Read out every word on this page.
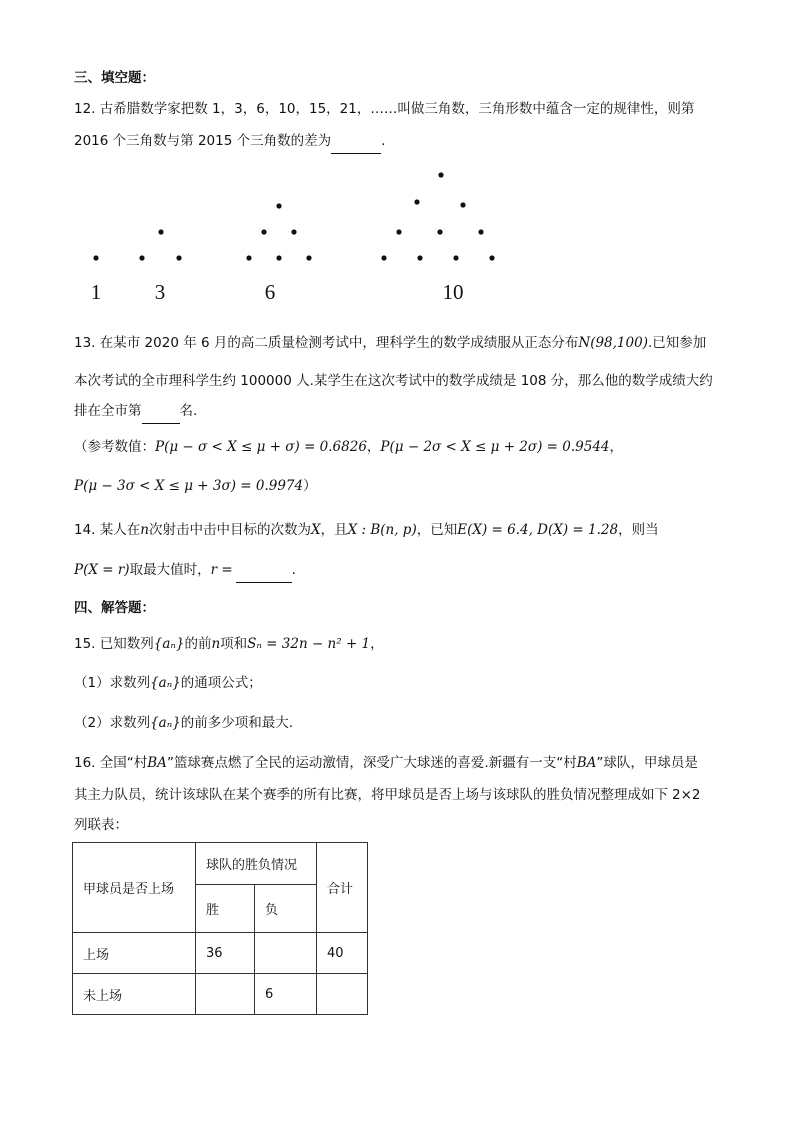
三、填空题：
12. 古希腊数学家把数 1，3，6，10，15，21，……叫做三角数，三角形数中蕴含一定的规律性，则第
2016 个三角数与第 2015 个三角数的差为	.
1	3	6	10
13. 在某市 2020 年 6 月的高二质量检测考试中，理科学生的数学成绩服从正态分布N(98,100).已知参加
本次考试的全市理科学生约 100000 人.某学生在这次考试中的数学成绩是 108 分，那么他的数学成绩大约
排在全市第	名.
（参考数值：P(μ − σ < X ≤ μ + σ) = 0.6826，P(μ − 2σ < X ≤ μ + 2σ) = 0.9544，
P(μ − 3σ < X ≤ μ + 3σ) = 0.9974）
14. 某人在n次射击中击中目标的次数为X，且X : B(n, p)，已知E(X) = 6.4, D(X) = 1.28，则当
P(X = r)取最大值时，r =	.
四、解答题：
15. 已知数列{aₙ}的前n项和Sₙ = 32n − n² + 1，
（1）求数列{aₙ}的通项公式；
（2）求数列{aₙ}的前多少项和最大.
16. 全国“村BA”篮球赛点燃了全民的运动激情，深受广大球迷的喜爱.新疆有一支“村BA”球队，甲球员是
其主力队员，统计该球队在某个赛季的所有比赛，将甲球员是否上场与该球队的胜负情况整理成如下 2×2
列联表：
甲球员是否上场	球队的胜负情况		合计
	胜	负	
上场	36		40
未上场		6	
